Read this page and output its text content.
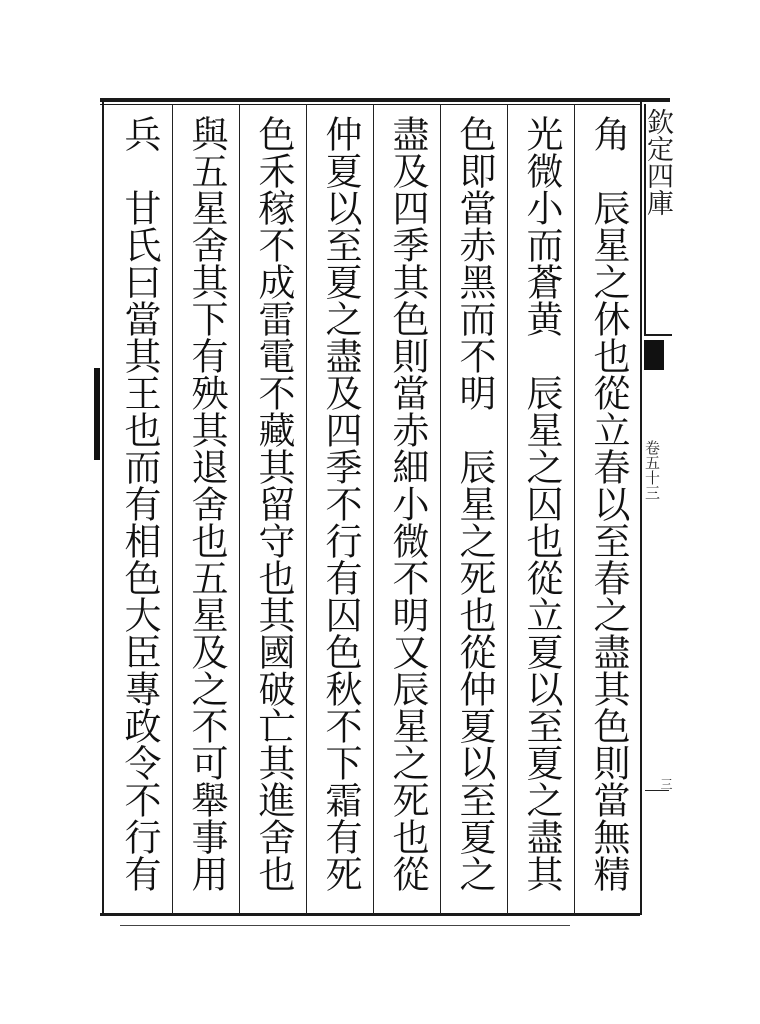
角　辰星之休也從立春以至春之盡其色則當無精
光微小而蒼黄　辰星之囚也從立夏以至夏之盡其
色即當赤黑而不明　辰星之死也從仲夏以至夏之
盡及四季其色則當赤細小微不明又辰星之死也從
仲夏以至夏之盡及四季不行有囚色秋不下霜有死
色禾稼不成雷電不藏其留守也其國破亡其進舍也
與五星舍其下有殃其退舍也五星及之不可舉事用
兵　甘氏曰當其王也而有相色大臣專政令不行有	欽定四庫
卷五十三
三
